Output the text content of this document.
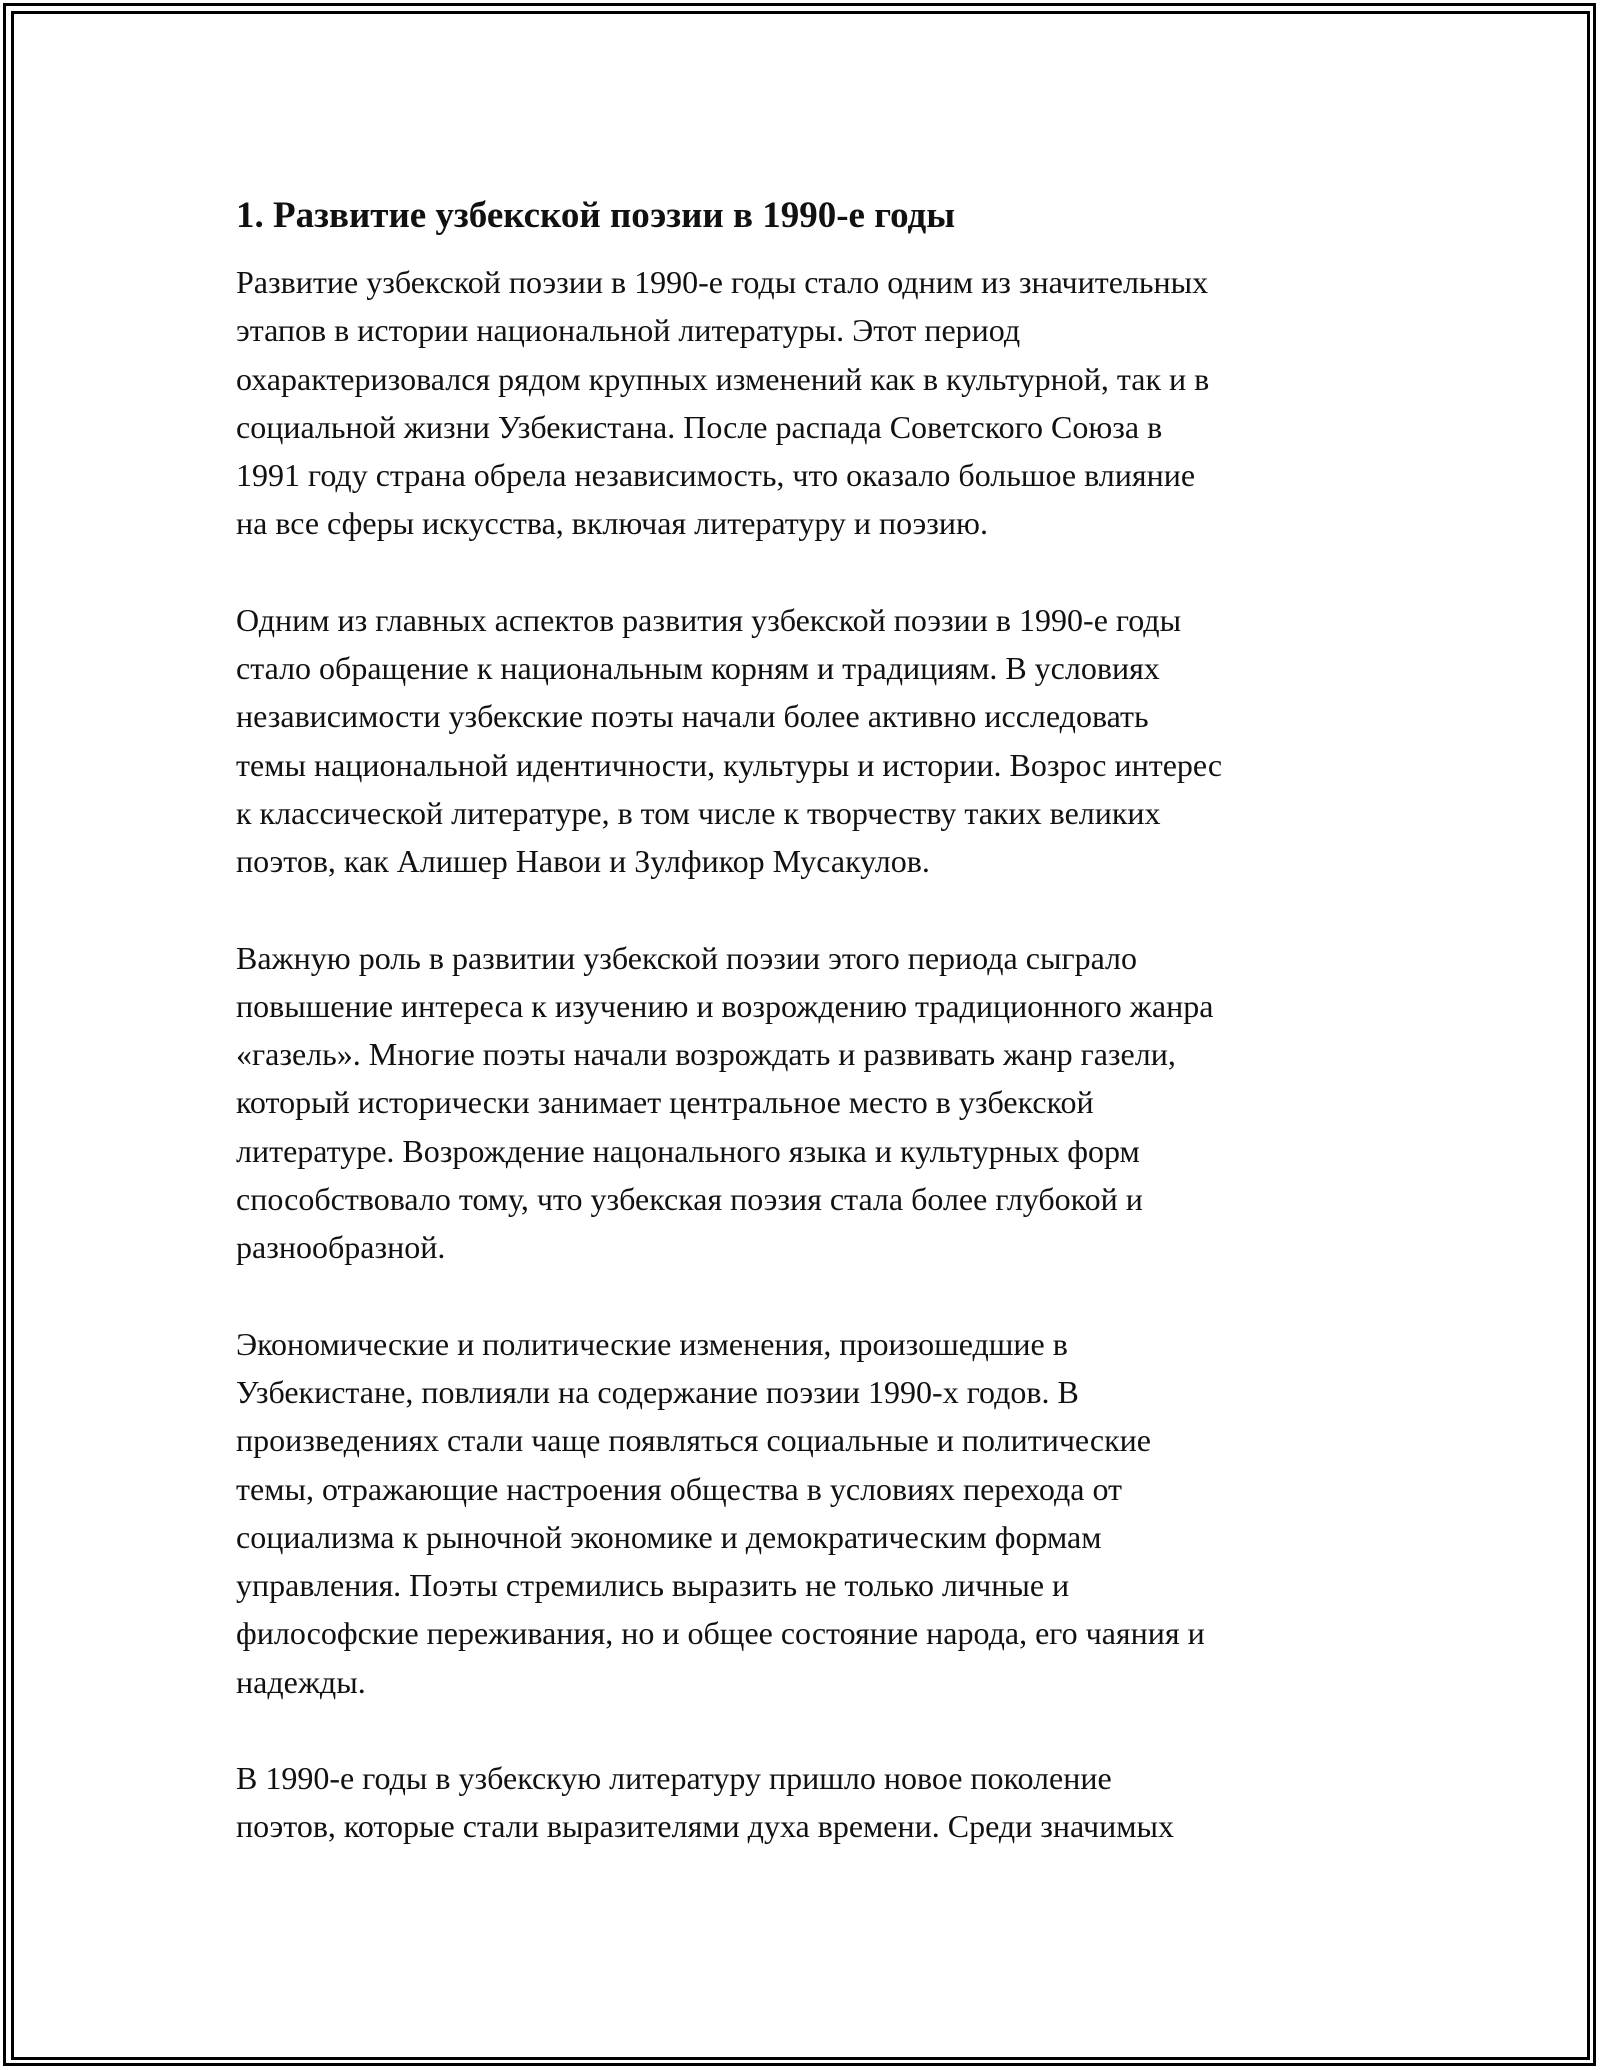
1. Развитие узбекской поэзии в 1990-е годы
Развитие узбекской поэзии в 1990-е годы стало одним из значительных
этапов в истории национальной литературы. Этот период
охарактеризовался рядом крупных изменений как в культурной, так и в
социальной жизни Узбекистана. После распада Советского Союза в
1991 году страна обрела независимость, что оказало большое влияние
на все сферы искусства, включая литературу и поэзию.
Одним из главных аспектов развития узбекской поэзии в 1990-е годы
стало обращение к национальным корням и традициям. В условиях
независимости узбекские поэты начали более активно исследовать
темы национальной идентичности, культуры и истории. Возрос интерес
к классической литературе, в том числе к творчеству таких великих
поэтов, как Алишер Навои и Зулфикор Мусакулов.
Важную роль в развитии узбекской поэзии этого периода сыграло
повышение интереса к изучению и возрождению традиционного жанра
«газель». Многие поэты начали возрождать и развивать жанр газели,
который исторически занимает центральное место в узбекской
литературе. Возрождение нацонального языка и культурных форм
способствовало тому, что узбекская поэзия стала более глубокой и
разнообразной.
Экономические и политические изменения, произошедшие в
Узбекистане, повлияли на содержание поэзии 1990-х годов. В
произведениях стали чаще появляться социальные и политические
темы, отражающие настроения общества в условиях перехода от
социализма к рыночной экономике и демократическим формам
управления. Поэты стремились выразить не только личные и
философские переживания, но и общее состояние народа, его чаяния и
надежды.
В 1990-е годы в узбекскую литературу пришло новое поколение
поэтов, которые стали выразителями духа времени. Среди значимых
